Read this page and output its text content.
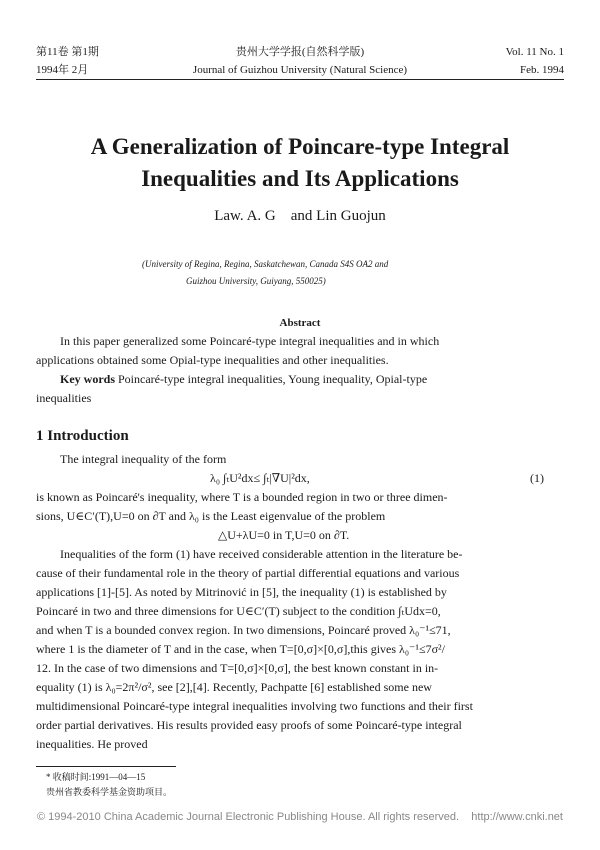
第11卷 第1期
1994年 2月
贵州大学学报(自然科学版)
Journal of Guizhou University (Natural Science)
Vol. 11 No. 1
Feb. 1994
A Generalization of Poincare-type Integral
Inequalities and Its Applications
Law. A. G    and Lin Guojun
(University of Regina, Regina, Saskatchewan, Canada S4S OA2 and
Guizhou University, Guiyang, 550025)
Abstract
In this paper generalized some Poincaré-type integral inequalities and in which
applications obtained some Opial-type inequalities and other inequalities.
Key words Poincaré-type integral inequalities, Young inequality, Opial-type
inequalities
1 Introduction
The integral inequality of the form
λ₀ ∫ₜU²dx≤ ∫ₜ|∇U|²dx,	(1)
is known as Poincaré's inequality, where T is a bounded region in two or three dimen-
sions, U∈C′(T),U=0 on ∂T and λ₀ is the Least eigenvalue of the problem
△U+λU=0 in T,U=0 on ∂T.
Inequalities of the form (1) have received considerable attention in the literature be-
cause of their fundamental role in the theory of partial differential equations and various
applications [1]-[5]. As noted by Mitrinović in [5], the inequality (1) is established by
Poincaré in two and three dimensions for U∈C′(T) subject to the condition ∫ₜUdx=0,
and when T is a bounded convex region. In two dimensions, Poincaré proved λ₀⁻¹≤71,
where 1 is the diameter of T and in the case, when T=[0,σ]×[0,σ],this gives λ₀⁻¹≤7σ²/
12. In the case of two dimensions and T=[0,σ]×[0,σ], the best known constant in in-
equality (1) is λ₀=2π²/σ², see [2],[4]. Recently, Pachpatte [6] established some new
multidimensional Poincaré-type integral inequalities involving two functions and their first
order partial derivatives. His results provided easy proofs of some Poincaré-type integral
inequalities. He proved
* 收稿时间:1991—04—15
贵州省教委科学基金资助项目。
© 1994-2010 China Academic Journal Electronic Publishing House. All rights reserved.    http://www.cnki.net
